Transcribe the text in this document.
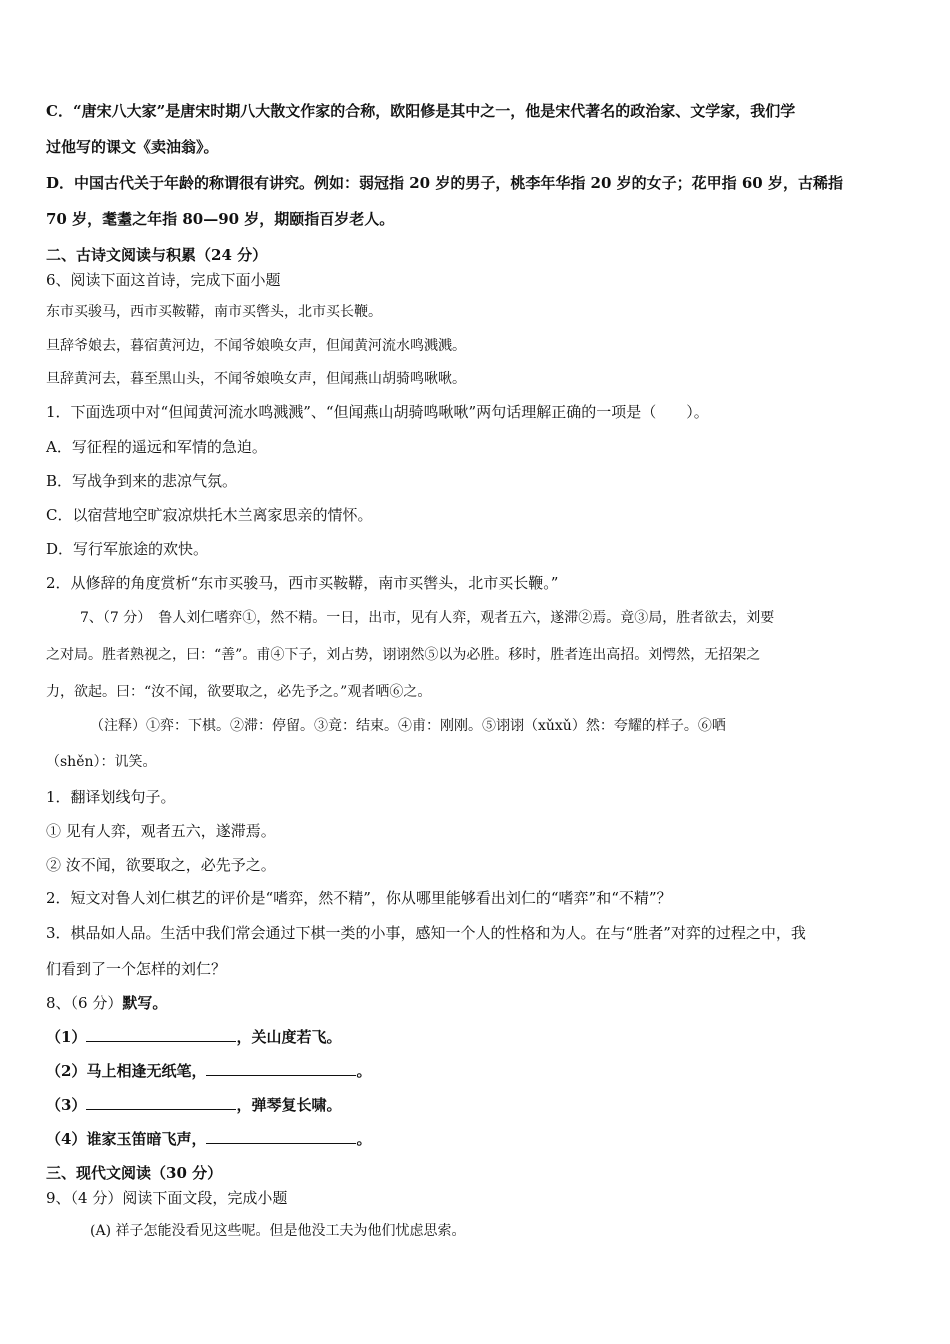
C．“唐宋八大家”是唐宋时期八大散文作家的合称，欧阳修是其中之一，他是宋代著名的政治家、文学家，我们学
过他写的课文《卖油翁》。
D．中国古代关于年龄的称谓很有讲究。例如：弱冠指 20 岁的男子，桃李年华指 20 岁的女子；花甲指 60 岁，古稀指
70 岁，耄耋之年指 80—90 岁，期颐指百岁老人。
二、古诗文阅读与积累（24 分）
6、阅读下面这首诗，完成下面小题
东市买骏马，西市买鞍鞯，南市买辔头，北市买长鞭。
旦辞爷娘去，暮宿黄河边，不闻爷娘唤女声，但闻黄河流水鸣溅溅。
旦辞黄河去，暮至黑山头，不闻爷娘唤女声，但闻燕山胡骑鸣啾啾。
1．下面选项中对“但闻黄河流水鸣溅溅”、“但闻燕山胡骑鸣啾啾”两句话理解正确的一项是（　　）。
A．写征程的遥远和军情的急迫。
B．写战争到来的悲凉气氛。
C．以宿营地空旷寂凉烘托木兰离家思亲的情怀。
D．写行军旅途的欢快。
2．从修辞的角度赏析“东市买骏马，西市买鞍鞯，南市买辔头，北市买长鞭。”
7、（7 分）　鲁人刘仁嗜弈①，然不精。一日，出市，见有人弈，观者五六，遂滞②焉。竟③局，胜者欲去，刘要
之对局。胜者熟视之，曰：“善”。甫④下子，刘占势，诩诩然⑤以为必胜。移时，胜者连出高招。刘愕然，无招架之
力，欲起。曰：“汝不闻，欲要取之，必先予之。”观者哂⑥之。
（注释）①弈：下棋。②滞：停留。③竟：结束。④甫：刚刚。⑤诩诩（xǔxǔ）然：夸耀的样子。⑥哂
（shěn）：讥笑。
1．翻译划线句子。
① 见有人弈，观者五六，遂滞焉。
② 汝不闻，欲要取之，必先予之。
2．短文对鲁人刘仁棋艺的评价是“嗜弈，然不精”，你从哪里能够看出刘仁的“嗜弈”和“不精”？
3．棋品如人品。生活中我们常会通过下棋一类的小事，感知一个人的性格和为人。在与“胜者”对弈的过程之中，我
们看到了一个怎样的刘仁？
8、（6 分）默写。
（1）	，关山度若飞。
（2）马上相逢无纸笔，	。
（3）	，弹琴复长啸。
（4）谁家玉笛暗飞声，	。
三、现代文阅读（30 分）
9、（4 分）阅读下面文段，完成小题
(A) 祥子怎能没看见这些呢。但是他没工夫为他们忧虑思索。
